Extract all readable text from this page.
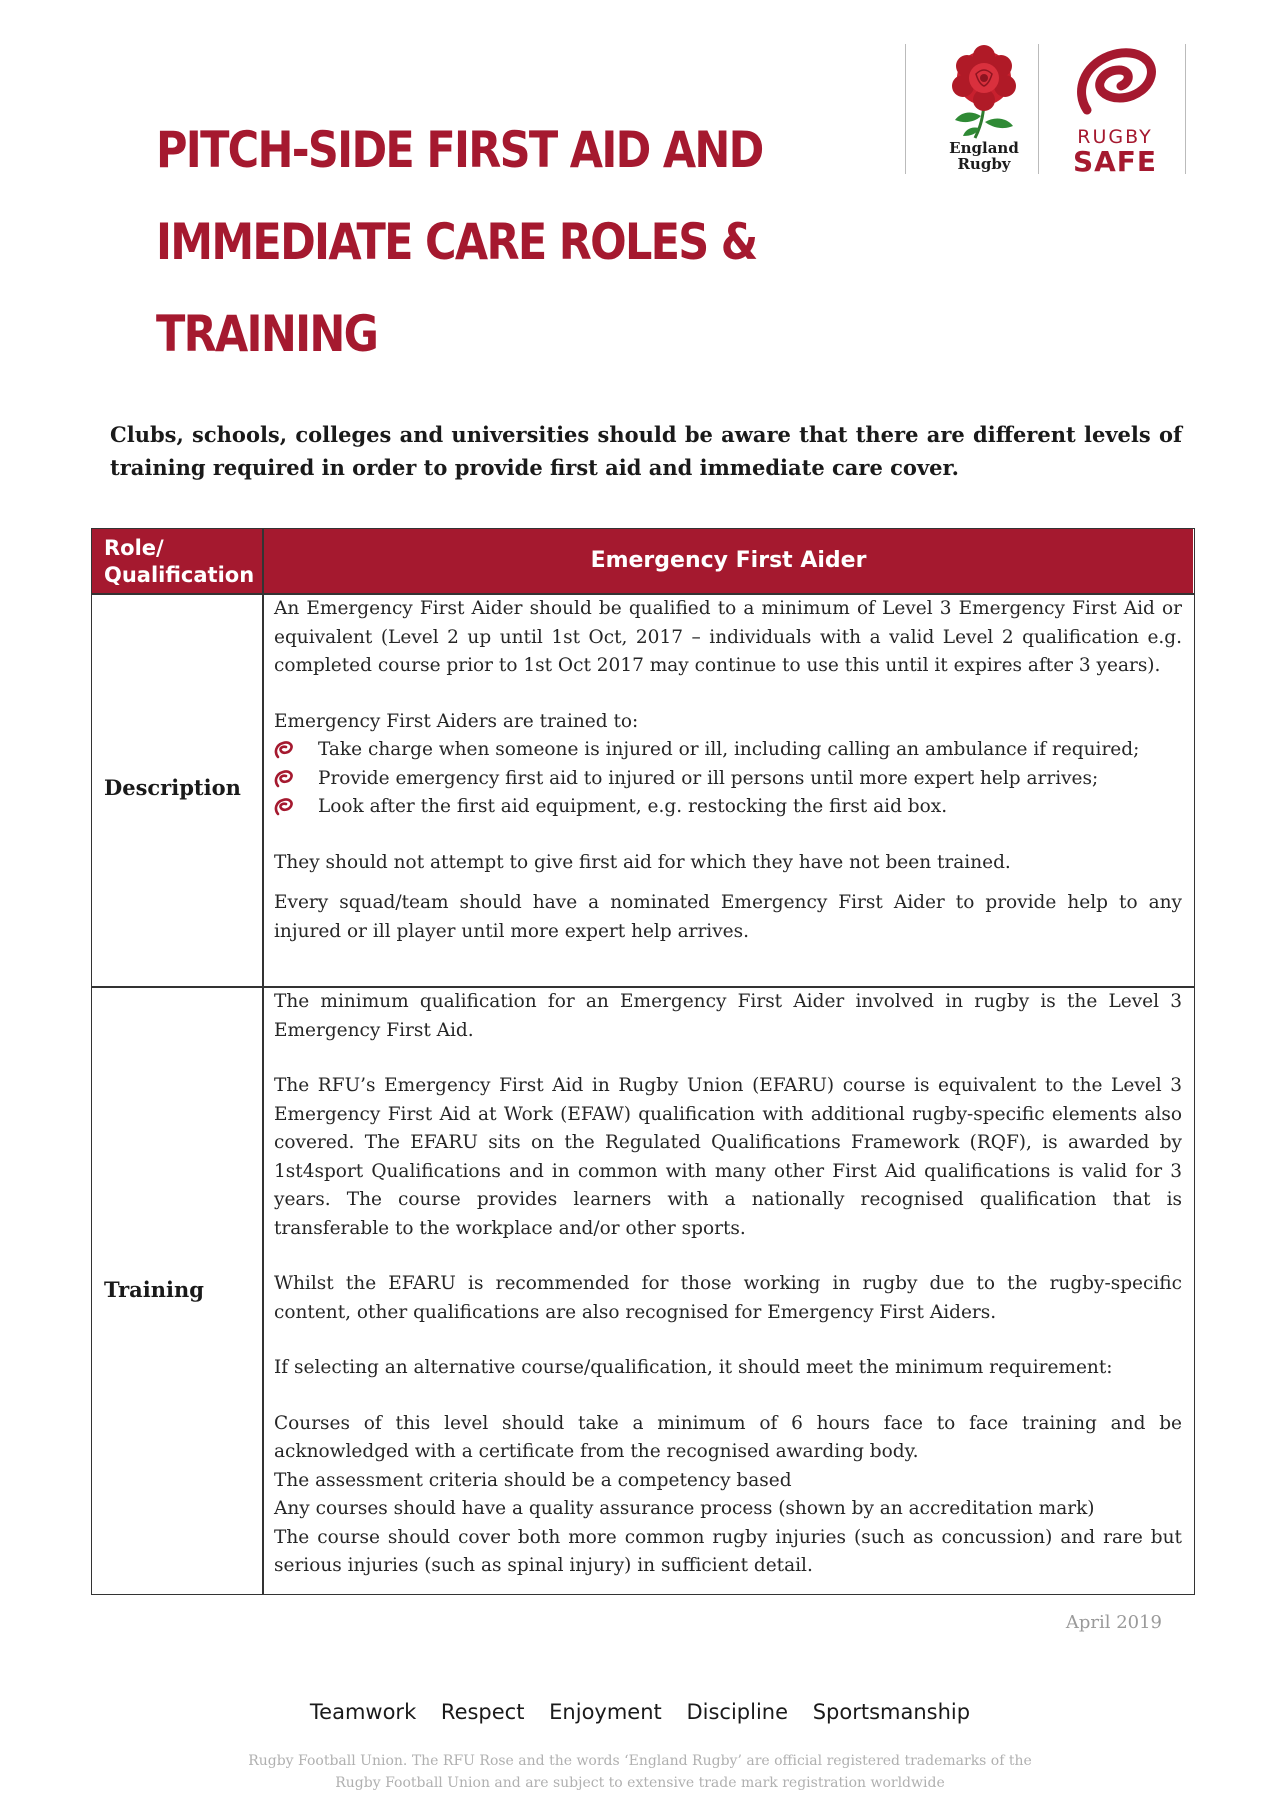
PITCH-SIDE FIRST AID AND
IMMEDIATE CARE ROLES &
TRAINING
England
Rugby
RUGBY
SAFE
Clubs, schools, colleges and universities should be aware that there are different levels of training required in order to provide first aid and immediate care cover.
Role/
Qualification
Emergency First Aider
Description

An Emergency First Aider should be qualified to a minimum of Level 3 Emergency First Aid or equivalent (Level 2 up until 1st Oct, 2017 – individuals with a valid Level 2 qualification e.g. completed course prior to 1st Oct 2017 may continue to use this until it expires after 3 years).

Emergency First Aiders are trained to:

Take charge when someone is injured or ill, including calling an ambulance if required;
Provide emergency first aid to injured or ill persons until more expert help arrives;
Look after the first aid equipment, e.g. restocking the first aid box.

They should not attempt to give first aid for which they have not been trained.

Every squad/team should have a nominated Emergency First Aider to provide help to any injured or ill player until more expert help arrives.

Training

The minimum qualification for an Emergency First Aider involved in rugby is the Level 3 Emergency First Aid.

The RFU’s Emergency First Aid in Rugby Union (EFARU) course is equivalent to the Level 3 Emergency First Aid at Work (EFAW) qualification with additional rugby-specific elements also covered. The EFARU sits on the Regulated Qualifications Framework (RQF), is awarded by 1st4sport Qualifications and in common with many other First Aid qualifications is valid for 3 years. The course provides learners with a nationally recognised qualification that is transferable to the workplace and/or other sports.

Whilst the EFARU is recommended for those working in rugby due to the rugby-specific content, other qualifications are also recognised for Emergency First Aiders.

If selecting an alternative course/qualification, it should meet the minimum requirement:

Courses of this level should take a minimum of 6 hours face to face training and be acknowledged with a certificate from the recognised awarding body.

The assessment criteria should be a competency based

Any courses should have a quality assurance process (shown by an accreditation mark)

The course should cover both more common rugby injuries (such as concussion) and rare but serious injuries (such as spinal injury) in sufficient detail.

April 2019
Teamwork Respect Enjoyment Discipline Sportsmanship
Rugby Football Union. The RFU Rose and the words ‘England Rugby’ are official registered trademarks of the
Rugby Football Union and are subject to extensive trade mark registration worldwide
